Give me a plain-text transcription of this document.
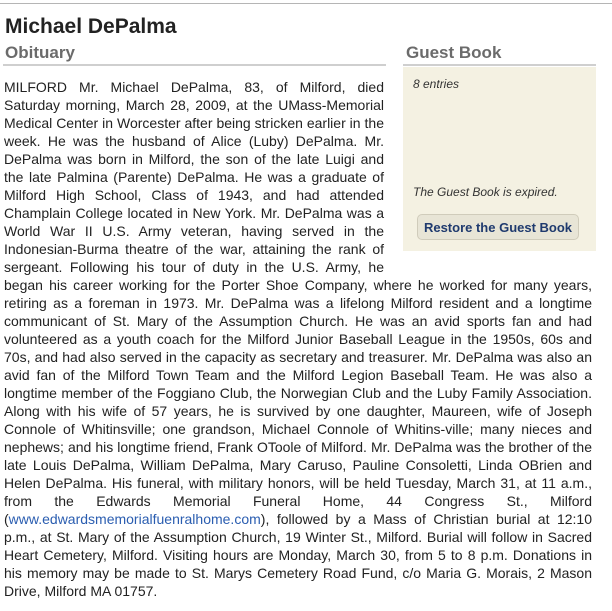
Michael DePalma
Obituary	Guest Book

MILFORD Mr. Michael DePalma, 83, of Milford, died Saturday morning, March 28, 2009, at the UMass-Memorial Medical Center in Worcester after being stricken earlier in the week. He was the husband of Alice (Luby) DePalma. Mr. DePalma was born in Milford, the son of the late Luigi and the late Palmina (Parente) DePalma. He was a graduate of Milford High School, Class of 1943, and had attended Champlain College located in New York. Mr. DePalma was a World War II U.S. Army veteran, having served in the Indonesian-Burma theatre of the war, attaining the rank of sergeant. Following his tour of duty in the U.S. Army, he began his career working for the Porter Shoe Company, where he worked for many years, retiring as a foreman in 1973. Mr. DePalma was a lifelong Milford resident and a longtime communicant of St. Mary of the Assumption Church. He was an avid sports fan and had volunteered as a youth coach for the Milford Junior Baseball League in the 1950s, 60s and 70s, and had also served in the capacity as secretary and treasurer. Mr. DePalma was also an avid fan of the Milford Town Team and the Milford Legion Baseball Team. He was also a longtime member of the Foggiano Club, the Norwegian Club and the Luby Family Association. Along with his wife of 57 years, he is survived by one daughter, Maureen, wife of Joseph Connole of Whitinsville; one grandson, Michael Connole of Whitins-ville; many nieces and nephews; and his longtime friend, Frank OToole of Milford. Mr. DePalma was the brother of the late Louis DePalma, William DePalma, Mary Caruso, Pauline Consoletti, Linda OBrien and Helen DePalma. His funeral, with military honors, will be held Tuesday, March 31, at 11 a.m., from the Edwards Memorial Funeral Home, 44 Congress St., Milford (www.edwardsmemorialfuenralhome.com), followed by a Mass of Christian burial at 12:10 p.m., at St. Mary of the Assumption Church, 19 Winter St., Milford. Burial will follow in Sacred Heart Cemetery, Milford. Visiting hours are Monday, March 30, from 5 to 8 p.m. Donations in his memory may be made to St. Marys Cemetery Road Fund, c/o Maria G. Morais, 2 Mason Drive, Milford MA 01757.

8 entries
The Guest Book is expired.
Restore the Guest Book
